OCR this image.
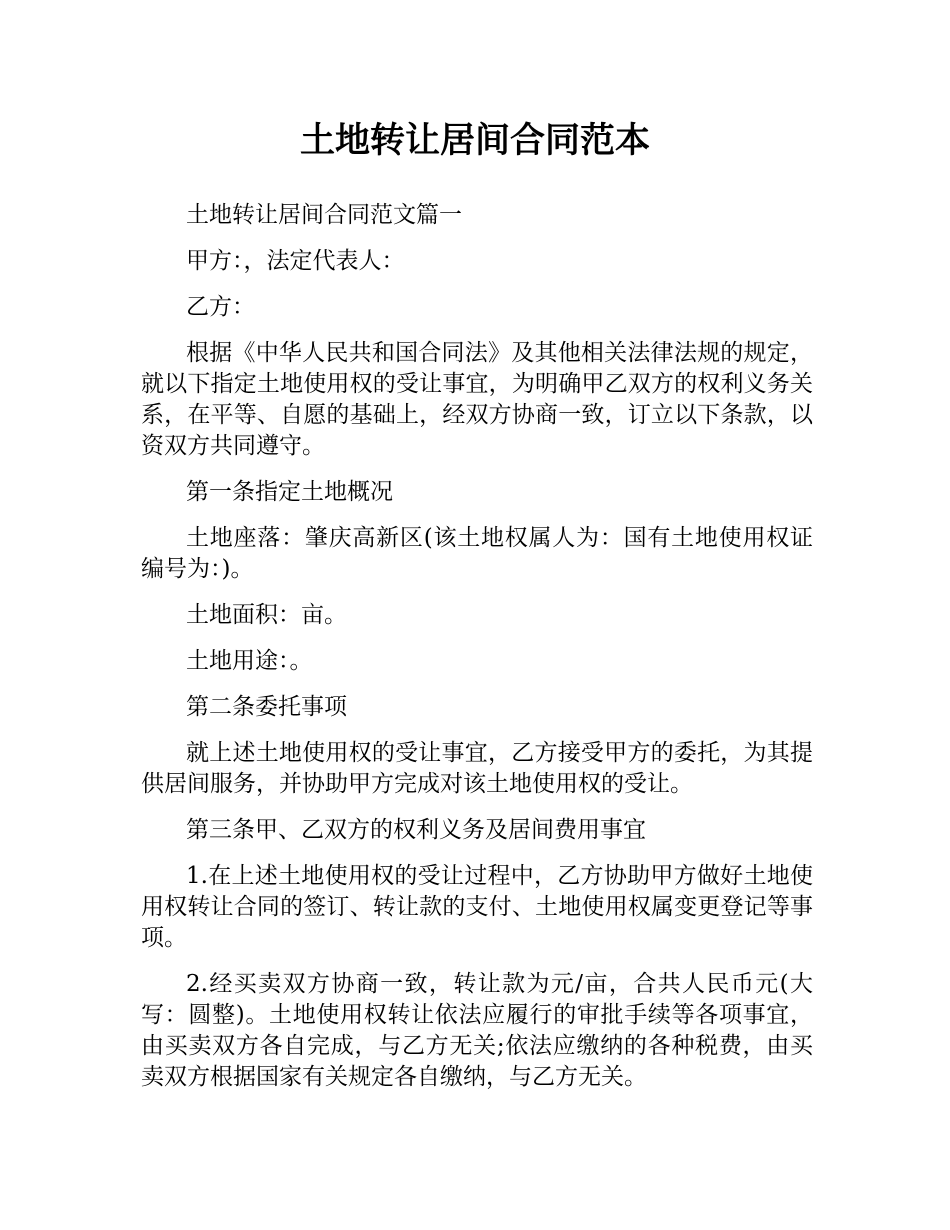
土地转让居间合同范本

土地转让居间合同范文篇一

甲方：，法定代表人：

乙方：

根据《中华人民共和国合同法》及其他相关法律法规的规定，就以下指定土地使用权的受让事宜，为明确甲乙双方的权利义务关系，在平等、自愿的基础上，经双方协商一致，订立以下条款，以资双方共同遵守。

第一条指定土地概况

土地座落：肇庆高新区(该土地权属人为：国有土地使用权证编号为：)。

土地面积：亩。

土地用途：。

第二条委托事项

就上述土地使用权的受让事宜，乙方接受甲方的委托，为其提供居间服务，并协助甲方完成对该土地使用权的受让。

第三条甲、乙双方的权利义务及居间费用事宜

1.在上述土地使用权的受让过程中，乙方协助甲方做好土地使用权转让合同的签订、转让款的支付、土地使用权属变更登记等事项。

2.经买卖双方协商一致，转让款为元/亩，合共人民币元(大写：圆整)。土地使用权转让依法应履行的审批手续等各项事宜，由买卖双方各自完成，与乙方无关;依法应缴纳的各种税费，由买卖双方根据国家有关规定各自缴纳，与乙方无关。
